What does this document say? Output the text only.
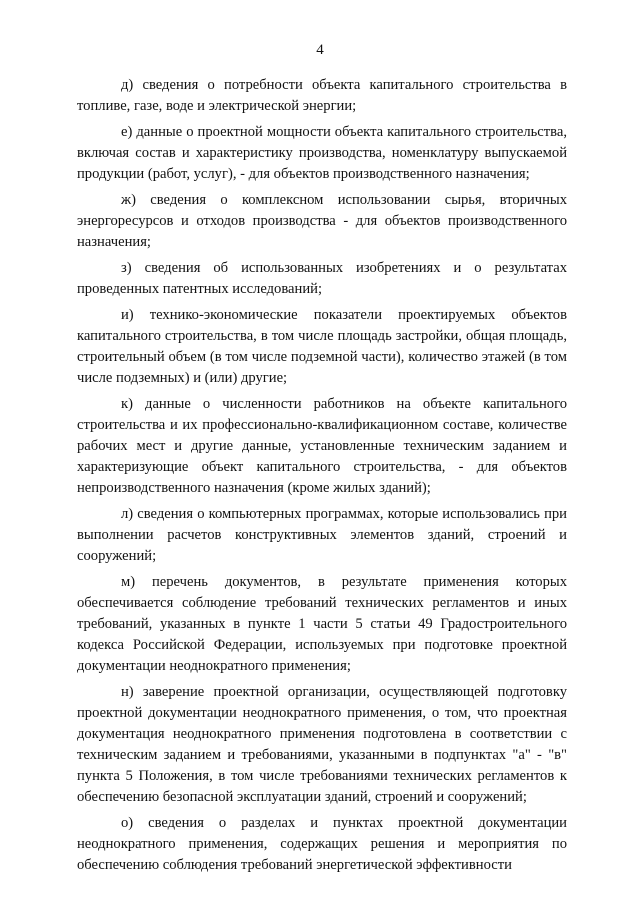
4

д) сведения о потребности объекта капитального строительства в топливе, газе, воде и электрической энергии;

е) данные о проектной мощности объекта капитального строительства, включая состав и характеристику производства, номенклатуру выпускаемой продукции (работ, услуг), - для объектов производственного назначения;

ж) сведения о комплексном использовании сырья, вторичных энергоресурсов и отходов производства - для объектов производственного назначения;

з) сведения об использованных изобретениях и о результатах проведенных патентных исследований;

и) технико-экономические показатели проектируемых объектов капитального строительства, в том числе площадь застройки, общая площадь, строительный объем (в том числе подземной части), количество этажей (в том числе подземных) и (или) другие;

к) данные о численности работников на объекте капитального строительства и их профессионально-квалификационном составе, количестве рабочих мест и другие данные, установленные техническим заданием и характеризующие объект капитального строительства, - для объектов непроизводственного назначения (кроме жилых зданий);

л) сведения о компьютерных программах, которые использовались при выполнении расчетов конструктивных элементов зданий, строений и сооружений;

м) перечень документов, в результате применения которых обеспечивается соблюдение требований технических регламентов и иных требований, указанных в пункте 1 части 5 статьи 49 Градостроительного кодекса Российской Федерации, используемых при подготовке проектной документации неоднократного применения;

н) заверение проектной организации, осуществляющей подготовку проектной документации неоднократного применения, о том, что проектная документация неоднократного применения подготовлена в соответствии с техническим заданием и требованиями, указанными в подпунктах "а" - "в" пункта 5 Положения, в том числе требованиями технических регламентов к обеспечению безопасной эксплуатации зданий, строений и сооружений;

о) сведения о разделах и пунктах проектной документации неоднократного применения, содержащих решения и мероприятия по обеспечению соблюдения требований энергетической эффективности
